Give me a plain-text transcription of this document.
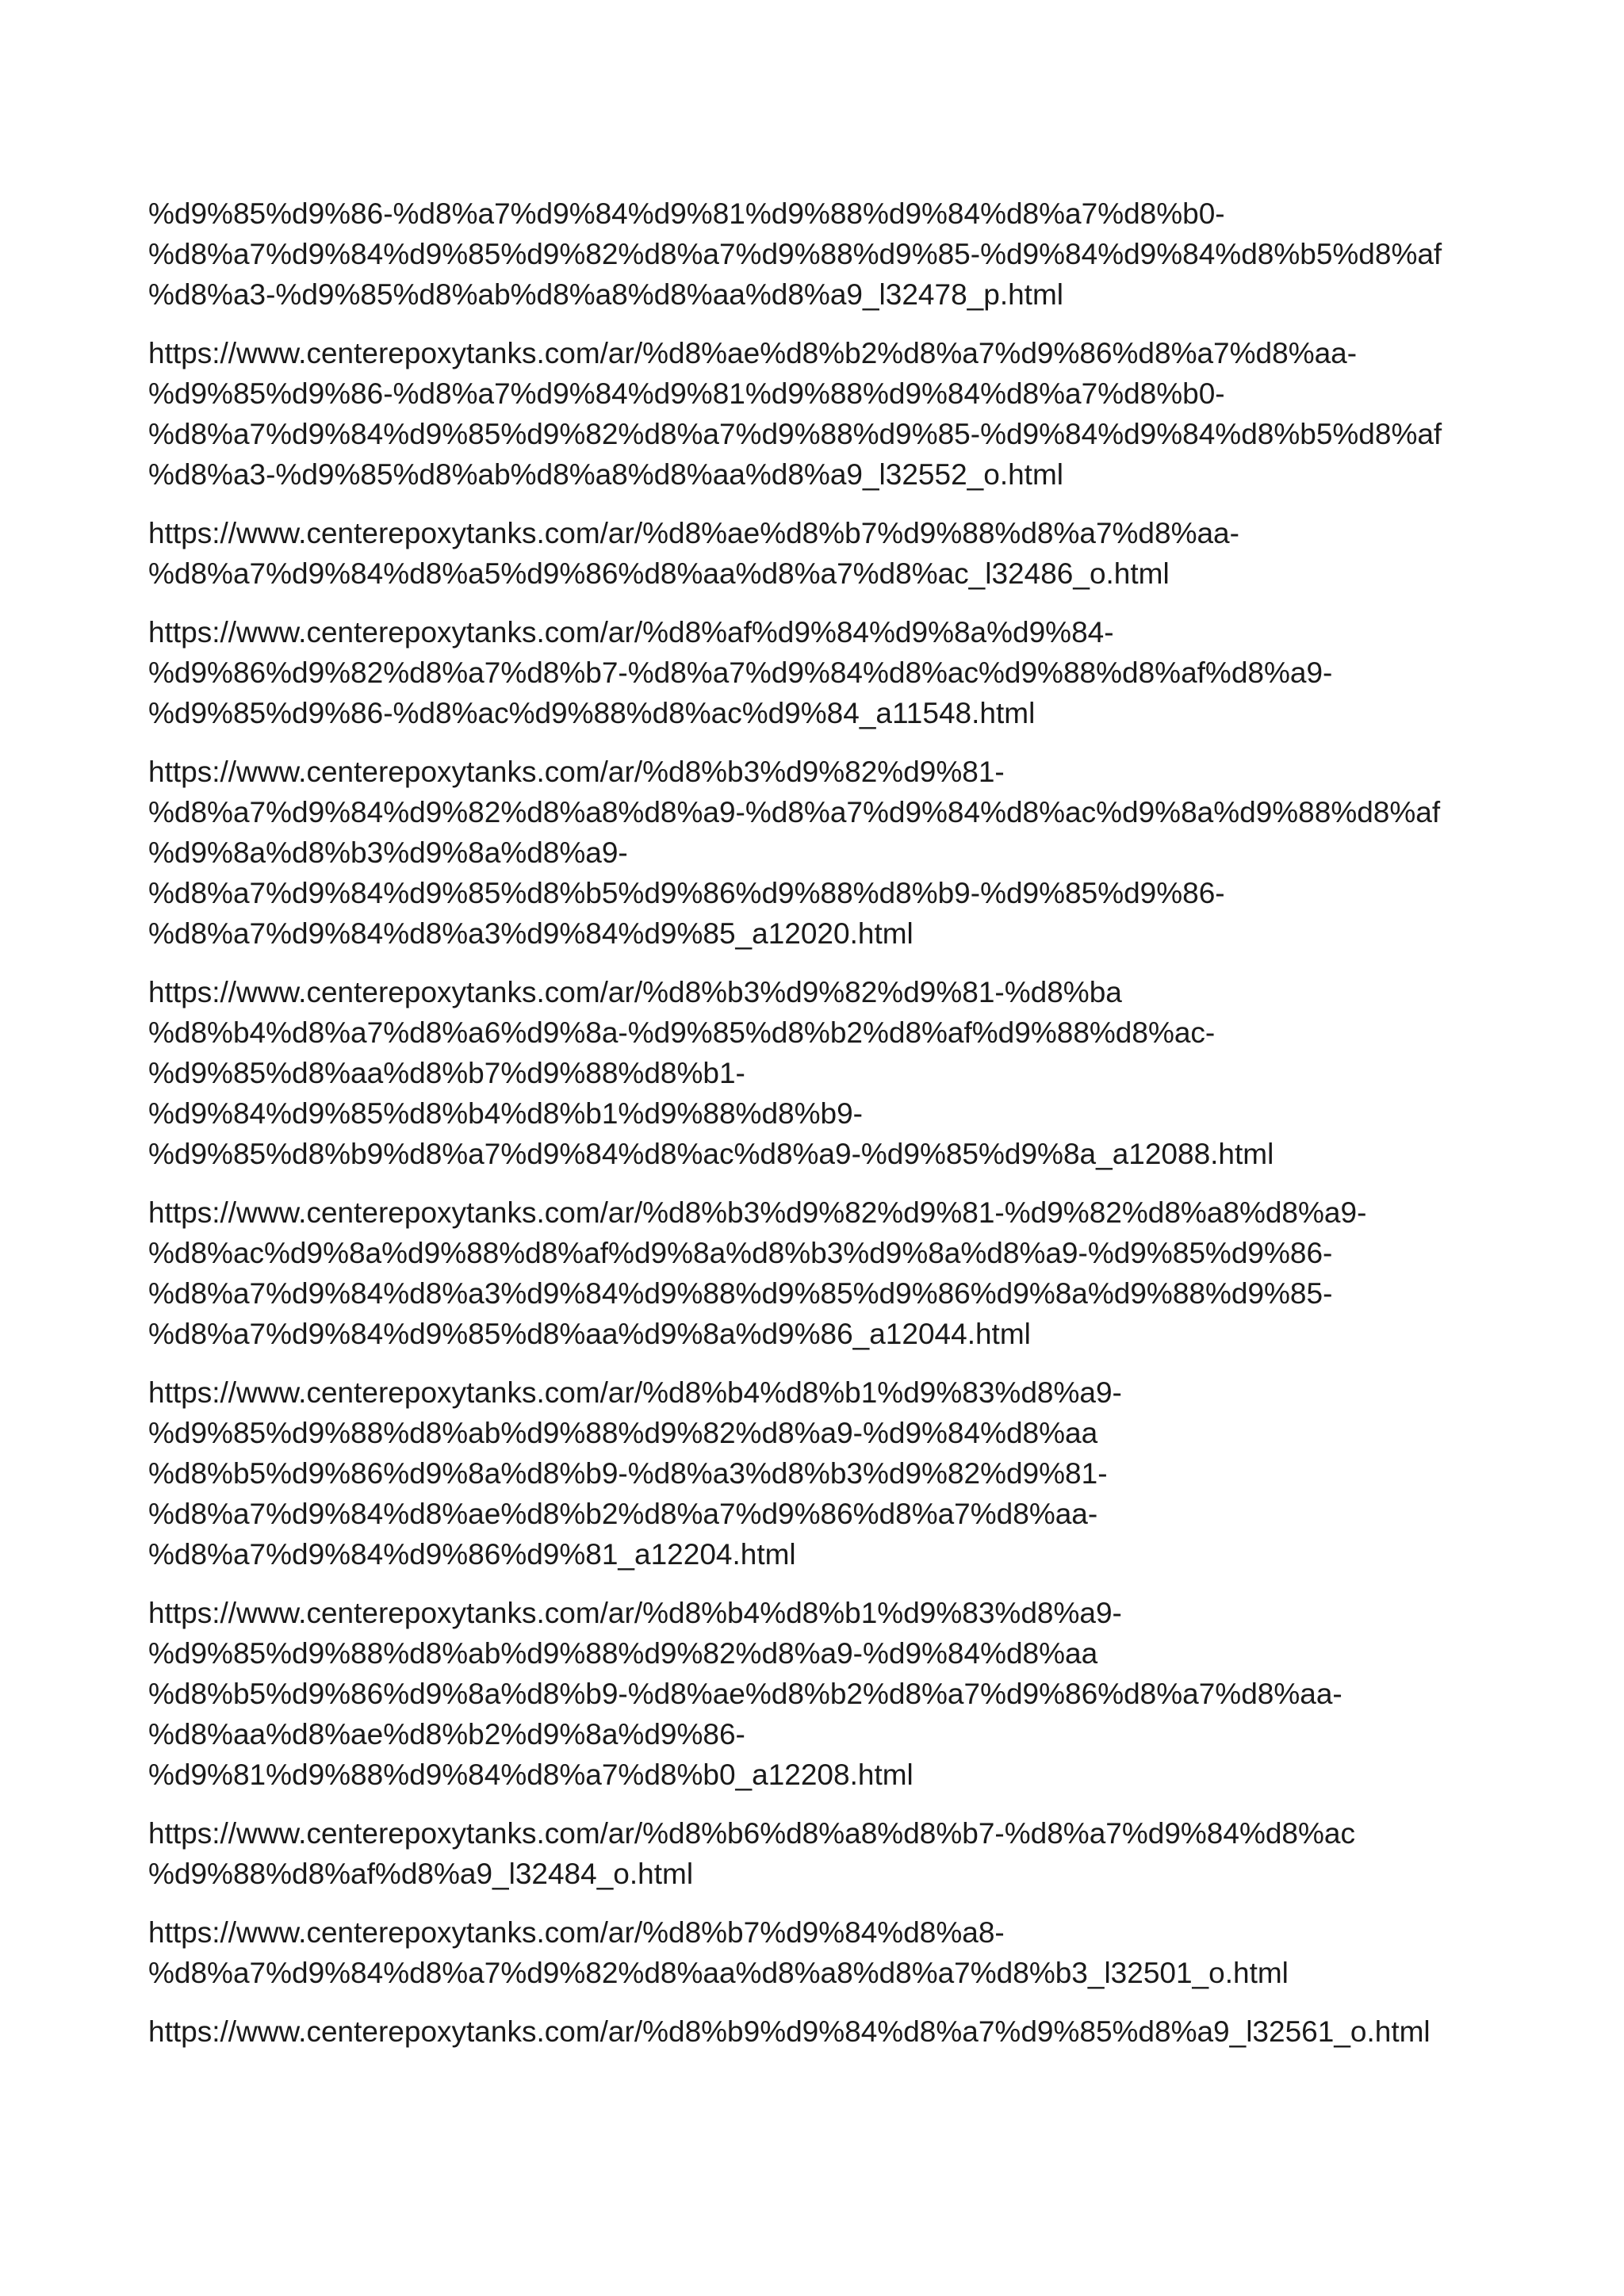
%d9%85%d9%86-%d8%a7%d9%84%d9%81%d9%88%d9%84%d8%a7%d8%b0-
%d8%a7%d9%84%d9%85%d9%82%d8%a7%d9%88%d9%85-%d9%84%d9%84%d8%b5%d8%af
%d8%a3-%d9%85%d8%ab%d8%a8%d8%aa%d8%a9_l32478_p.html
https://www.centerepoxytanks.com/ar/%d8%ae%d8%b2%d8%a7%d9%86%d8%a7%d8%aa-
%d9%85%d9%86-%d8%a7%d9%84%d9%81%d9%88%d9%84%d8%a7%d8%b0-
%d8%a7%d9%84%d9%85%d9%82%d8%a7%d9%88%d9%85-%d9%84%d9%84%d8%b5%d8%af
%d8%a3-%d9%85%d8%ab%d8%a8%d8%aa%d8%a9_l32552_o.html
https://www.centerepoxytanks.com/ar/%d8%ae%d8%b7%d9%88%d8%a7%d8%aa-
%d8%a7%d9%84%d8%a5%d9%86%d8%aa%d8%a7%d8%ac_l32486_o.html
https://www.centerepoxytanks.com/ar/%d8%af%d9%84%d9%8a%d9%84-
%d9%86%d9%82%d8%a7%d8%b7-%d8%a7%d9%84%d8%ac%d9%88%d8%af%d8%a9-
%d9%85%d9%86-%d8%ac%d9%88%d8%ac%d9%84_a11548.html
https://www.centerepoxytanks.com/ar/%d8%b3%d9%82%d9%81-
%d8%a7%d9%84%d9%82%d8%a8%d8%a9-%d8%a7%d9%84%d8%ac%d9%8a%d9%88%d8%af
%d9%8a%d8%b3%d9%8a%d8%a9-
%d8%a7%d9%84%d9%85%d8%b5%d9%86%d9%88%d8%b9-%d9%85%d9%86-
%d8%a7%d9%84%d8%a3%d9%84%d9%85_a12020.html
https://www.centerepoxytanks.com/ar/%d8%b3%d9%82%d9%81-%d8%ba
%d8%b4%d8%a7%d8%a6%d9%8a-%d9%85%d8%b2%d8%af%d9%88%d8%ac-
%d9%85%d8%aa%d8%b7%d9%88%d8%b1-
%d9%84%d9%85%d8%b4%d8%b1%d9%88%d8%b9-
%d9%85%d8%b9%d8%a7%d9%84%d8%ac%d8%a9-%d9%85%d9%8a_a12088.html
https://www.centerepoxytanks.com/ar/%d8%b3%d9%82%d9%81-%d9%82%d8%a8%d8%a9-
%d8%ac%d9%8a%d9%88%d8%af%d9%8a%d8%b3%d9%8a%d8%a9-%d9%85%d9%86-
%d8%a7%d9%84%d8%a3%d9%84%d9%88%d9%85%d9%86%d9%8a%d9%88%d9%85-
%d8%a7%d9%84%d9%85%d8%aa%d9%8a%d9%86_a12044.html
https://www.centerepoxytanks.com/ar/%d8%b4%d8%b1%d9%83%d8%a9-
%d9%85%d9%88%d8%ab%d9%88%d9%82%d8%a9-%d9%84%d8%aa
%d8%b5%d9%86%d9%8a%d8%b9-%d8%a3%d8%b3%d9%82%d9%81-
%d8%a7%d9%84%d8%ae%d8%b2%d8%a7%d9%86%d8%a7%d8%aa-
%d8%a7%d9%84%d9%86%d9%81_a12204.html
https://www.centerepoxytanks.com/ar/%d8%b4%d8%b1%d9%83%d8%a9-
%d9%85%d9%88%d8%ab%d9%88%d9%82%d8%a9-%d9%84%d8%aa
%d8%b5%d9%86%d9%8a%d8%b9-%d8%ae%d8%b2%d8%a7%d9%86%d8%a7%d8%aa-
%d8%aa%d8%ae%d8%b2%d9%8a%d9%86-
%d9%81%d9%88%d9%84%d8%a7%d8%b0_a12208.html
https://www.centerepoxytanks.com/ar/%d8%b6%d8%a8%d8%b7-%d8%a7%d9%84%d8%ac
%d9%88%d8%af%d8%a9_l32484_o.html
https://www.centerepoxytanks.com/ar/%d8%b7%d9%84%d8%a8-
%d8%a7%d9%84%d8%a7%d9%82%d8%aa%d8%a8%d8%a7%d8%b3_l32501_o.html
https://www.centerepoxytanks.com/ar/%d8%b9%d9%84%d8%a7%d9%85%d8%a9_l32561_o.html
